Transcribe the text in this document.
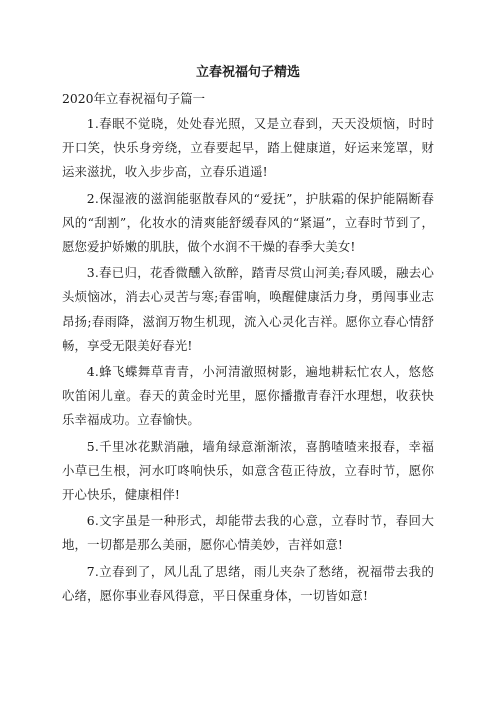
立春祝福句子精选
2020年立春祝福句子篇一

1.春眠不觉晓，处处春光照，又是立春到，天天没烦恼，时时开口笑，快乐身旁绕，立春要起早，踏上健康道，好运来笼罩，财运来滋扰，收入步步高，立春乐逍遥!

2.保湿液的滋润能驱散春风的“爱抚”，护肤霜的保护能隔断春风的“刮割”，化妆水的清爽能舒缓春风的“紧逼”，立春时节到了，愿您爱护娇嫩的肌肤，做个水润不干燥的春季大美女!

3.春已归，花香微醺入欲醉，踏青尽赏山河美;春风暖，融去心头烦恼冰，消去心灵苦与寒;春雷响，唤醒健康活力身，勇闯事业志昂扬;春雨降，滋润万物生机现，流入心灵化吉祥。愿你立春心情舒畅，享受无限美好春光!

4.蜂飞蝶舞草青青，小河清澈照树影，遍地耕耘忙农人，悠悠吹笛闲儿童。春天的黄金时光里，愿你播撒青春汗水理想，收获快乐幸福成功。立春愉快。

5.千里冰花默消融，墙角绿意渐渐浓，喜鹊喳喳来报春，幸福小草已生根，河水叮咚响快乐，如意含苞正待放，立春时节，愿你开心快乐，健康相伴!

6.文字虽是一种形式，却能带去我的心意，立春时节，春回大地，一切都是那么美丽，愿你心情美妙，吉祥如意!

7.立春到了，风儿乱了思绪，雨儿夹杂了愁绪，祝福带去我的心绪，愿你事业春风得意，平日保重身体，一切皆如意!
